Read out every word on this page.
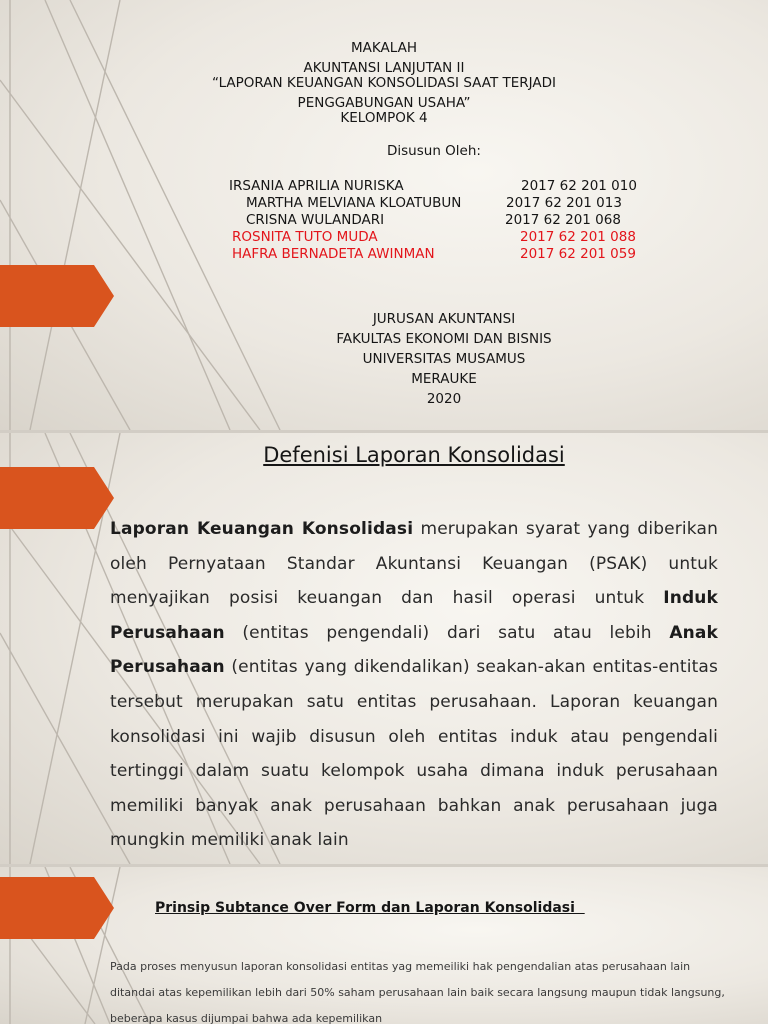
MAKALAH
AKUNTANSI LANJUTAN II
“LAPORAN KEUANGAN KONSOLIDASI SAAT TERJADI
PENGGABUNGAN USAHA”
KELOMPOK 4
Disusun Oleh:
IRSANIA APRILIA NURISKA	2017 62 201 010
MARTHA MELVIANA KLOATUBUN	2017 62 201 013
CRISNA WULANDARI	2017 62 201 068
ROSNITA TUTO MUDA	2017 62 201 088
HAFRA BERNADETA AWINMAN	2017 62 201 059
JURUSAN AKUNTANSI
FAKULTAS EKONOMI DAN BISNIS
UNIVERSITAS MUSAMUS
MERAUKE
2020
Defenisi Laporan Konsolidasi
Laporan Keuangan Konsolidasi merupakan syarat yang diberikan oleh Pernyataan Standar Akuntansi Keuangan (PSAK) untuk menyajikan posisi keuangan dan hasil operasi untuk Induk Perusahaan (entitas pengendali) dari satu atau lebih Anak Perusahaan (entitas yang dikendalikan) seakan-akan entitas-entitas tersebut merupakan satu entitas perusahaan. Laporan keuangan konsolidasi ini wajib disusun oleh entitas induk atau pengendali tertinggi dalam suatu kelompok usaha dimana induk perusahaan memiliki banyak anak perusahaan bahkan anak perusahaan juga mungkin memiliki anak lain
Prinsip Subtance Over Form dan Laporan Konsolidasi
Pada proses menyusun laporan konsolidasi entitas yag memeiliki hak pengendalian atas perusahaan lain ditandai atas kepemilikan lebih dari 50% saham perusahaan lain baik secara langsung maupun tidak langsung, beberapa kasus dijumpai bahwa ada kepemilikan
